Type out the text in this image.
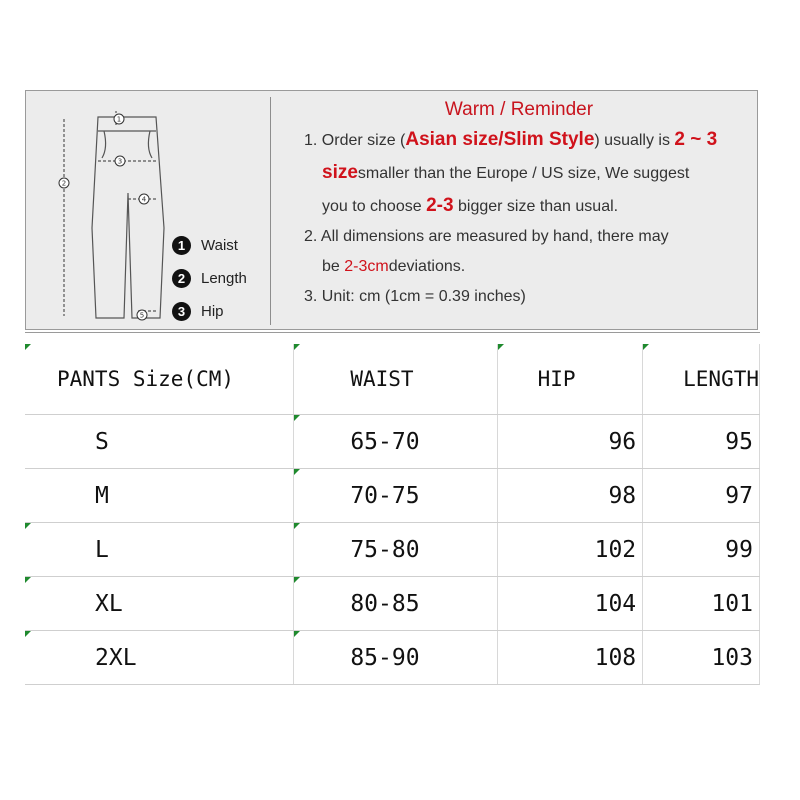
1
2
3
4
5
1	Waist
2	Length
3	Hip
Warm / Reminder
1. Order size (Asian size/Slim Style) usually is 2 ~ 3
sizesmaller than the Europe / US size, We suggest
you to choose 2-3 bigger size than usual.
2. All dimensions are measured by hand, there may
be 2-3cmdeviations.
3. Unit: cm (1cm = 0.39 inches)
PANTS Size(CM)	WAIST	HIP	LENGTH
S	65-70	96	95
M	70-75	98	97

L	75-80	102	99

XL	80-85	104	101

2XL	85-90	108	103
